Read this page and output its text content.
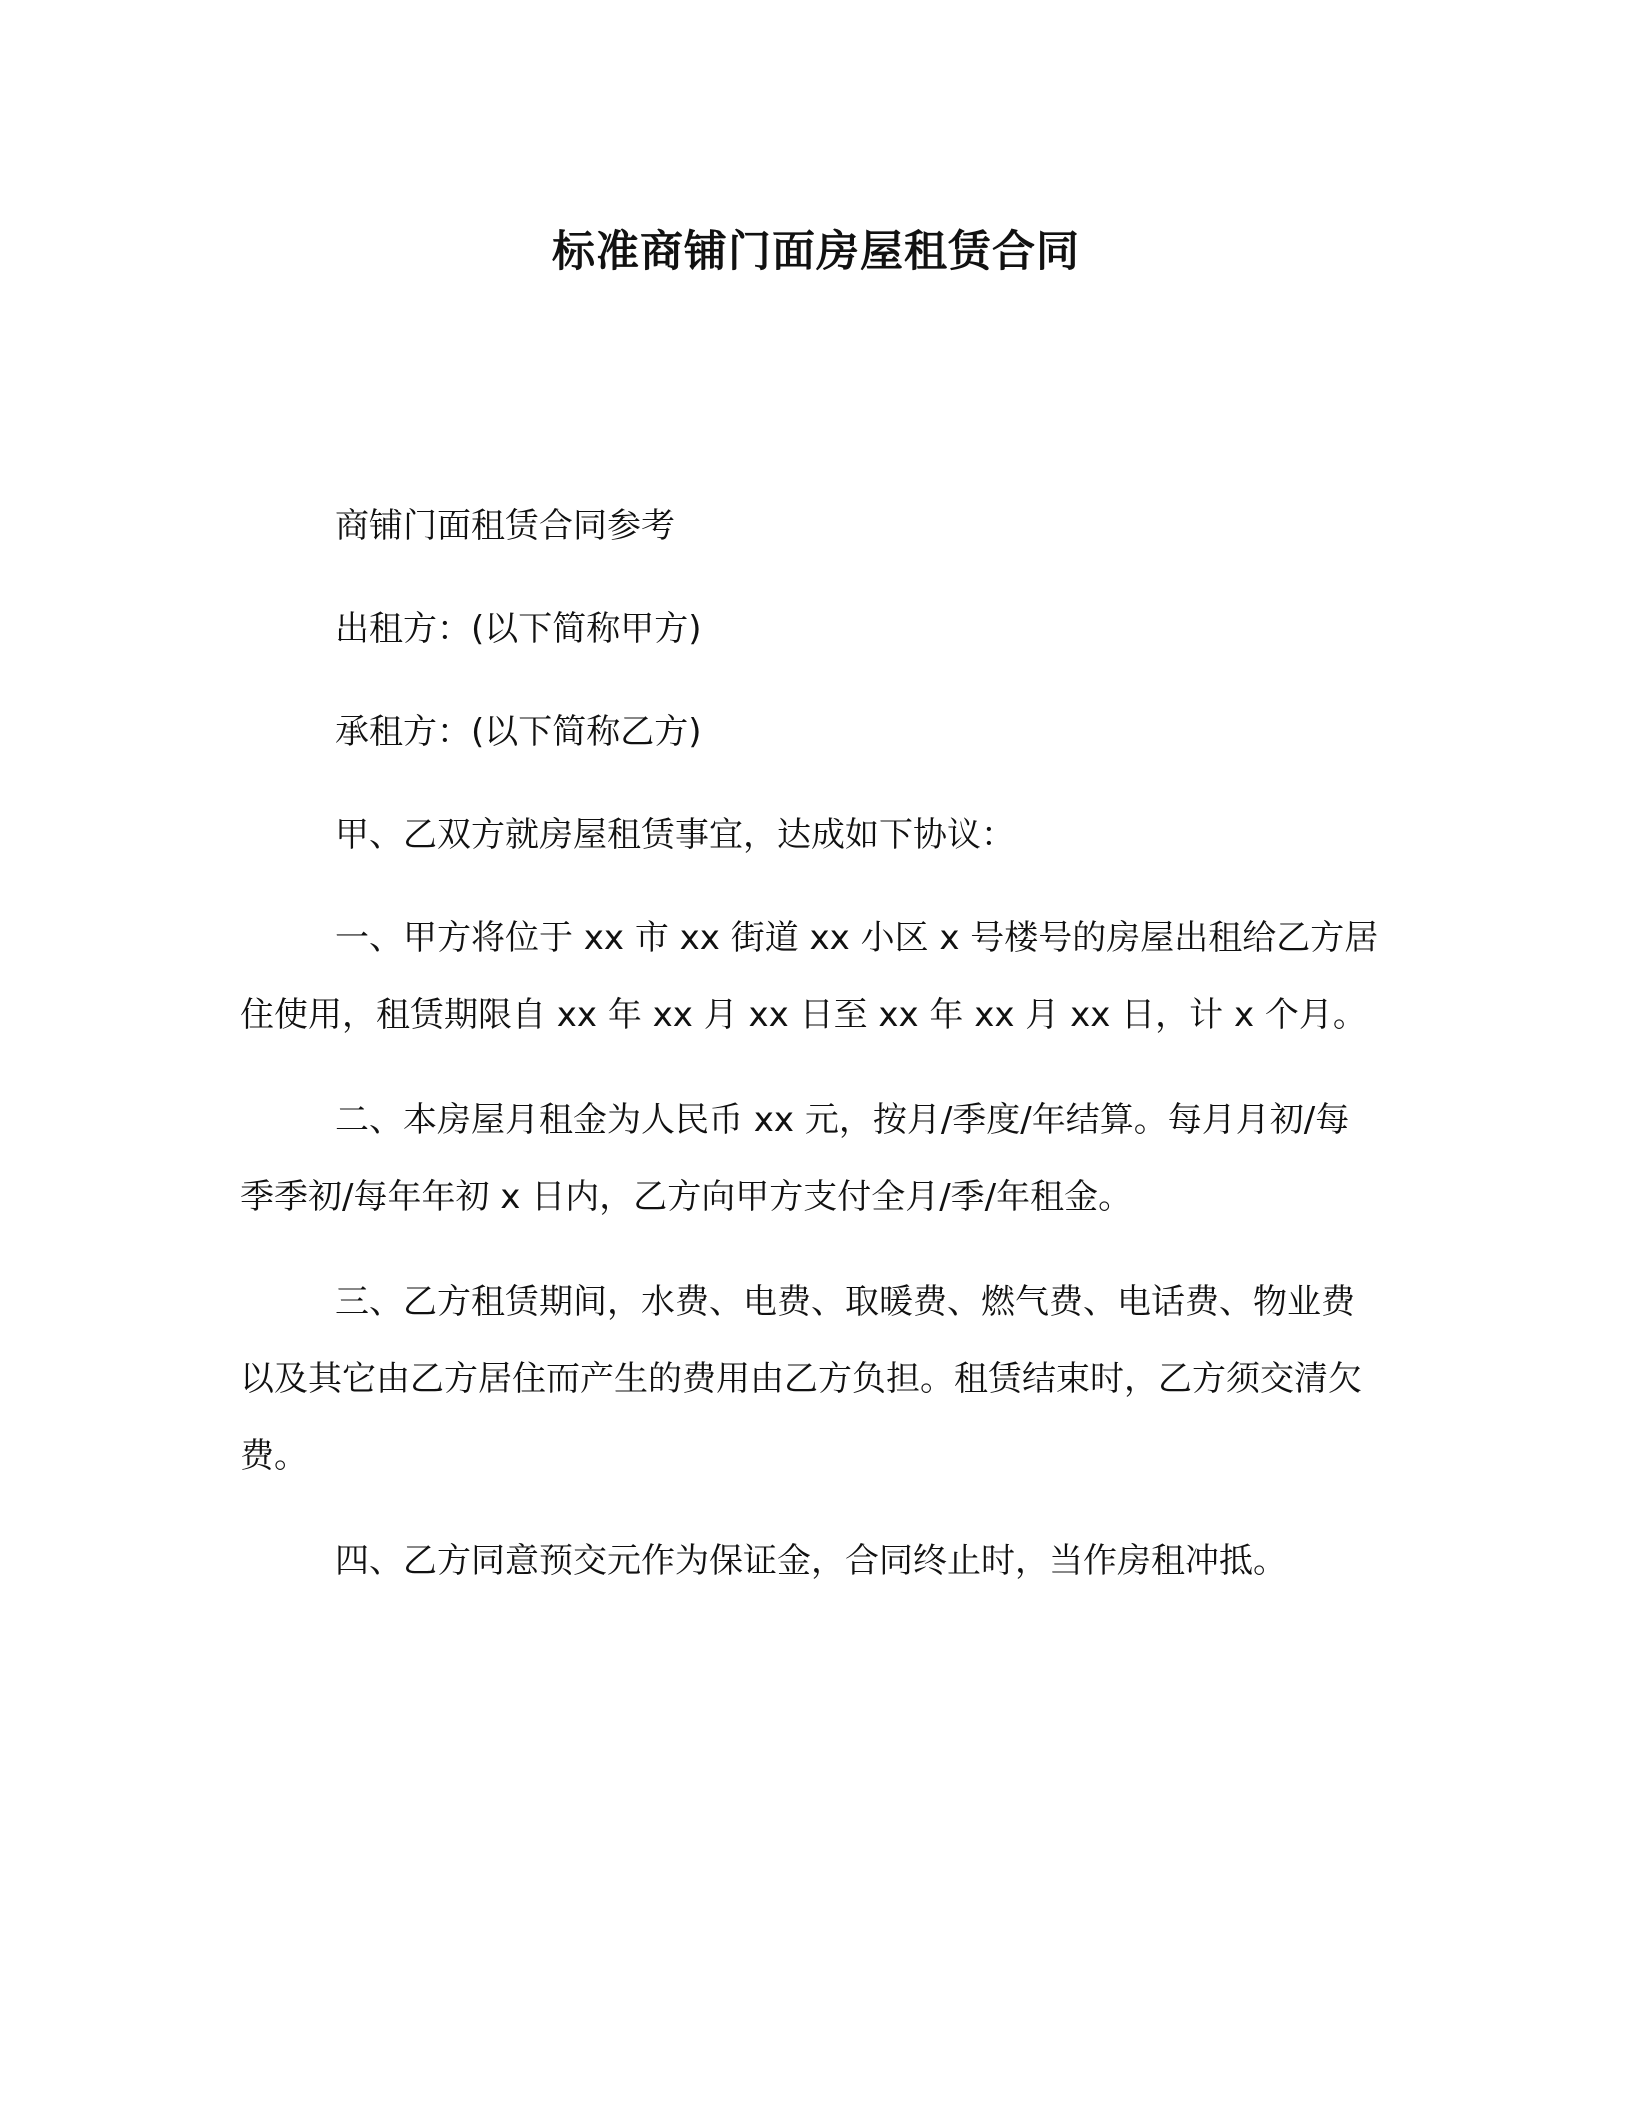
标准商铺门面房屋租赁合同

商铺门面租赁合同参考

出租方：(以下简称甲方)

承租方：(以下简称乙方)

甲、乙双方就房屋租赁事宜，达成如下协议：

一、甲方将位于 xx 市 xx 街道 xx 小区 x 号楼号的房屋出租给乙方居住使用，租赁期限自 xx 年 xx 月 xx 日至 xx 年 xx 月 xx 日，计 x 个月。

二、本房屋月租金为人民币 xx 元，按月/季度/年结算。每月月初/每季季初/每年年初 x 日内，乙方向甲方支付全月/季/年租金。

三、乙方租赁期间，水费、电费、取暖费、燃气费、电话费、物业费以及其它由乙方居住而产生的费用由乙方负担。租赁结束时，乙方须交清欠费。

四、乙方同意预交元作为保证金，合同终止时，当作房租冲抵。
